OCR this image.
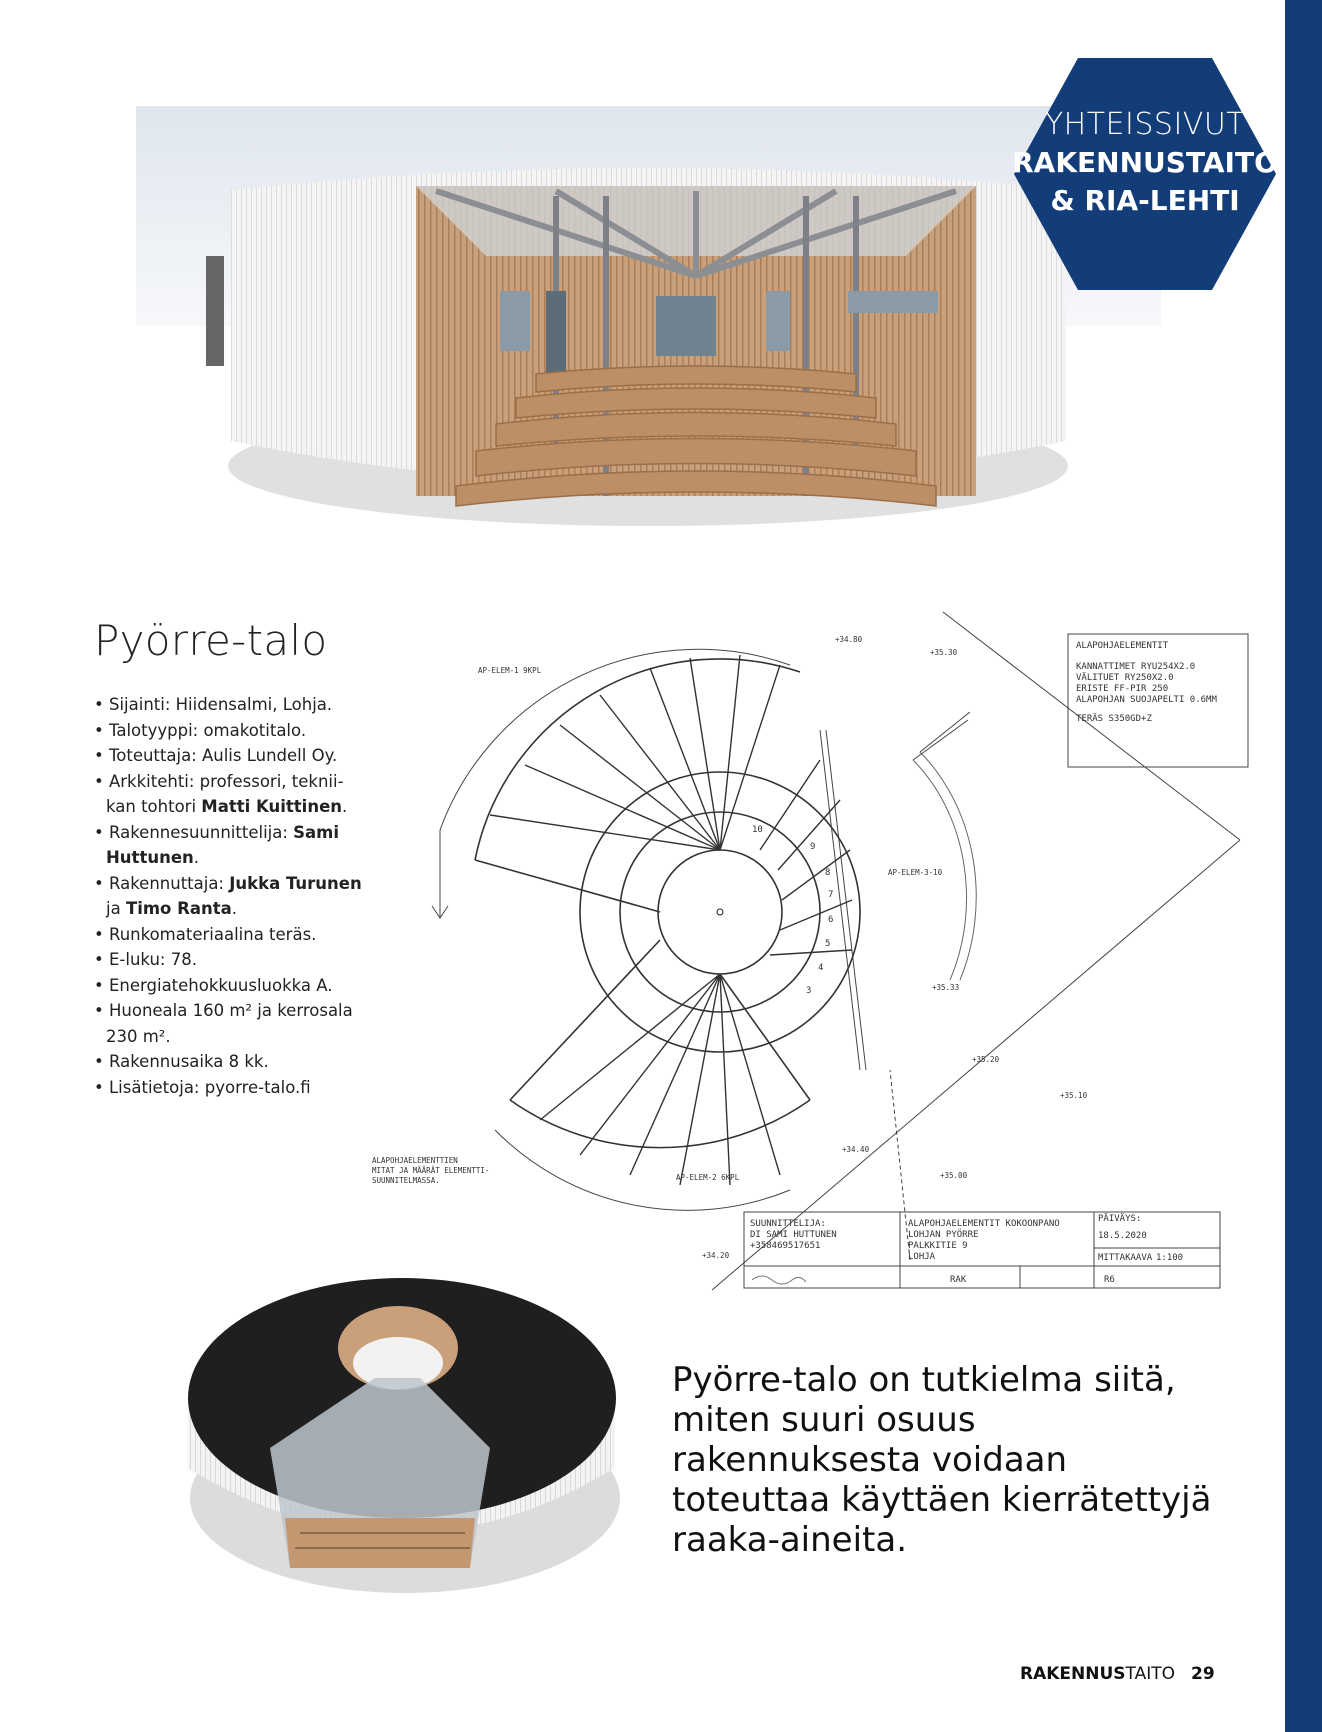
YHTEISSIVUT
RAKENNUSTAITO
& RIA-LEHTI
Pyörre-talo
• Sijainti: Hiidensalmi, Lohja.
• Talotyyppi: omakotitalo.
• Toteuttaja: Aulis Lundell Oy.
• Arkkitehti: professori, teknii-kan tohtori Matti Kuittinen.
• Rakennesuunnittelija: Sami Huttunen.
• Rakennuttaja: Jukka Turunen ja Timo Ranta.
• Runkomateriaalina teräs.
• E-luku: 78.
• Energiatehokkuusluokka A.
• Huoneala 160 m² ja kerrosala 230 m².
• Rakennusaika 8 kk.
• Lisätietoja: pyorre-talo.fi
10
9
8
7
6
5
4
3
AP-ELEM-1 9KPL
AP-ELEM-2 6KPL
AP-ELEM-3-10
+34.80
+35.30
+35.33
+35.20
+35.10
+35.00
+34.40
+34.20
ALAPOHJAELEMENTTIEN
MITAT JA MÄÄRÄT ELEMENTTI-
SUUNNITELMASSA.
ALAPOHJAELEMENTIT
KANNATTIMET RYU254X2.0
VÄLITUET RY250X2.0
ERISTE FF-PIR 250
ALAPOHJAN SUOJAPELTI 0.6MM
TERÄS S350GD+Z
SUUNNITTELIJA:
DI SAMI HUTTUNEN
+358469517651
ALAPOHJAELEMENTIT KOKOONPANO
LOHJAN PYÖRRE
PALKKITIE 9
LOHJA
PÄIVÄYS:
18.5.2020
MITTAKAAVA 1:100
RAK	R6

Pyörre-talo on tutkielma siitä, miten suuri osuus rakennuksesta voidaan toteuttaa käyttäen kierrätettyjä raaka-aineita.

RAKENNUSTAITO 29
